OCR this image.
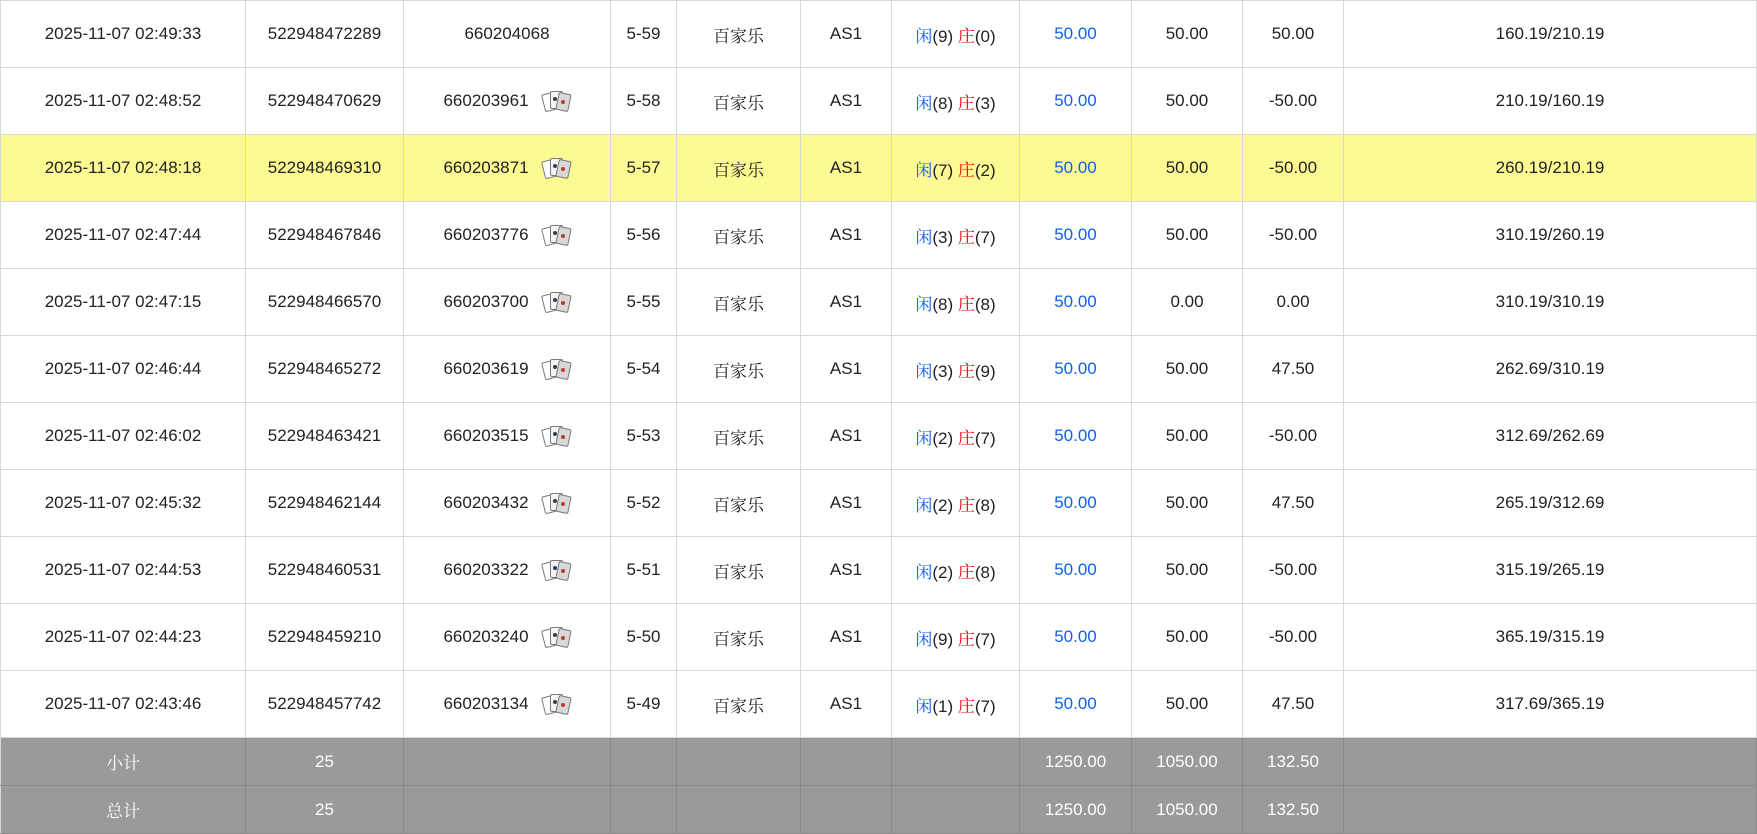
2025-11-07 02:49:33	522948472289	660204068	5-59	百家乐	AS1	闲(9) 庄(0)	50.00	50.00	50.00	160.19/210.19
2025-11-07 02:48:52	522948470629	660203961	5-58	百家乐	AS1	闲(8) 庄(3)	50.00	50.00	-50.00	210.19/160.19
2025-11-07 02:48:18	522948469310	660203871	5-57	百家乐	AS1	闲(7) 庄(2)	50.00	50.00	-50.00	260.19/210.19
2025-11-07 02:47:44	522948467846	660203776	5-56	百家乐	AS1	闲(3) 庄(7)	50.00	50.00	-50.00	310.19/260.19
2025-11-07 02:47:15	522948466570	660203700	5-55	百家乐	AS1	闲(8) 庄(8)	50.00	0.00	0.00	310.19/310.19
2025-11-07 02:46:44	522948465272	660203619	5-54	百家乐	AS1	闲(3) 庄(9)	50.00	50.00	47.50	262.69/310.19
2025-11-07 02:46:02	522948463421	660203515	5-53	百家乐	AS1	闲(2) 庄(7)	50.00	50.00	-50.00	312.69/262.69
2025-11-07 02:45:32	522948462144	660203432	5-52	百家乐	AS1	闲(2) 庄(8)	50.00	50.00	47.50	265.19/312.69
2025-11-07 02:44:53	522948460531	660203322	5-51	百家乐	AS1	闲(2) 庄(8)	50.00	50.00	-50.00	315.19/265.19
2025-11-07 02:44:23	522948459210	660203240	5-50	百家乐	AS1	闲(9) 庄(7)	50.00	50.00	-50.00	365.19/315.19
2025-11-07 02:43:46	522948457742	660203134	5-49	百家乐	AS1	闲(1) 庄(7)	50.00	50.00	47.50	317.69/365.19
小计	25						1250.00	1050.00	132.50	
总计	25						1250.00	1050.00	132.50	
